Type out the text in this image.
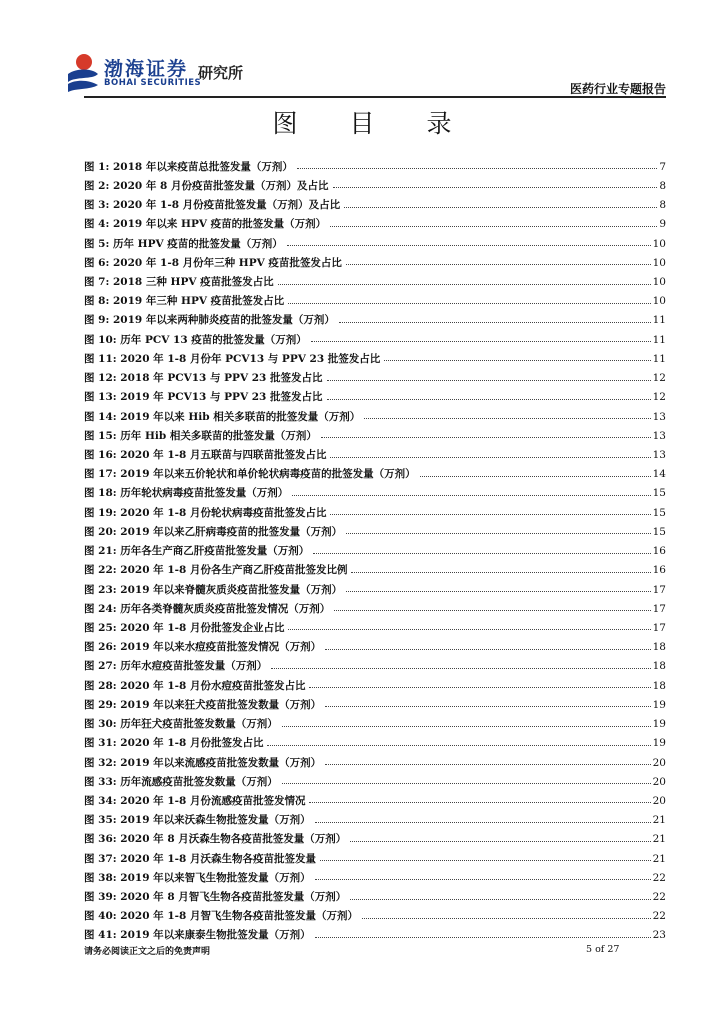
渤海证券
BOHAI SECURITIES
研究所
医药行业专题报告
图 目 录
图 1: 2018 年以来疫苗总批签发量（万剂）	7
图 2: 2020 年 8 月份疫苗批签发量（万剂）及占比	8
图 3: 2020 年 1-8 月份疫苗批签发量（万剂）及占比	8
图 4: 2019 年以来 HPV 疫苗的批签发量（万剂）	9
图 5: 历年 HPV 疫苗的批签发量（万剂）	10
图 6: 2020 年 1-8 月份年三种 HPV 疫苗批签发占比	10
图 7: 2018 三种 HPV 疫苗批签发占比	10
图 8: 2019 年三种 HPV 疫苗批签发占比	10
图 9: 2019 年以来两种肺炎疫苗的批签发量（万剂）	11
图 10: 历年 PCV 13 疫苗的批签发量（万剂）	11
图 11: 2020 年 1-8 月份年 PCV13 与 PPV 23 批签发占比	11
图 12: 2018 年 PCV13 与 PPV 23 批签发占比	12
图 13: 2019 年 PCV13 与 PPV 23 批签发占比	12
图 14: 2019 年以来 Hib 相关多联苗的批签发量（万剂）	13
图 15: 历年 Hib 相关多联苗的批签发量（万剂）	13
图 16: 2020 年 1-8 月五联苗与四联苗批签发占比	13
图 17: 2019 年以来五价轮状和单价轮状病毒疫苗的批签发量（万剂）	14
图 18: 历年轮状病毒疫苗批签发量（万剂）	15
图 19: 2020 年 1-8 月份轮状病毒疫苗批签发占比	15
图 20: 2019 年以来乙肝病毒疫苗的批签发量（万剂）	15
图 21: 历年各生产商乙肝疫苗批签发量（万剂）	16
图 22: 2020 年 1-8 月份各生产商乙肝疫苗批签发比例	16
图 23: 2019 年以来脊髓灰质炎疫苗批签发量（万剂）	17
图 24: 历年各类脊髓灰质炎疫苗批签发情况（万剂）	17
图 25: 2020 年 1-8 月份批签发企业占比	17
图 26: 2019 年以来水痘疫苗批签发情况（万剂）	18
图 27: 历年水痘疫苗批签发量（万剂）	18
图 28: 2020 年 1-8 月份水痘疫苗批签发占比	18
图 29: 2019 年以来狂犬疫苗批签发数量（万剂）	19
图 30: 历年狂犬疫苗批签发数量（万剂）	19
图 31: 2020 年 1-8 月份批签发占比	19
图 32: 2019 年以来流感疫苗批签发数量（万剂）	20
图 33: 历年流感疫苗批签发数量（万剂）	20
图 34: 2020 年 1-8 月份流感疫苗批签发情况	20
图 35: 2019 年以来沃森生物批签发量（万剂）	21
图 36: 2020 年 8 月沃森生物各疫苗批签发量（万剂）	21
图 37: 2020 年 1-8 月沃森生物各疫苗批签发量	21
图 38: 2019 年以来智飞生物批签发量（万剂）	22
图 39: 2020 年 8 月智飞生物各疫苗批签发量（万剂）	22
图 40: 2020 年 1-8 月智飞生物各疫苗批签发量（万剂）	22
图 41: 2019 年以来康泰生物批签发量（万剂）	23
请务必阅读正文之后的免责声明	5 of 27
